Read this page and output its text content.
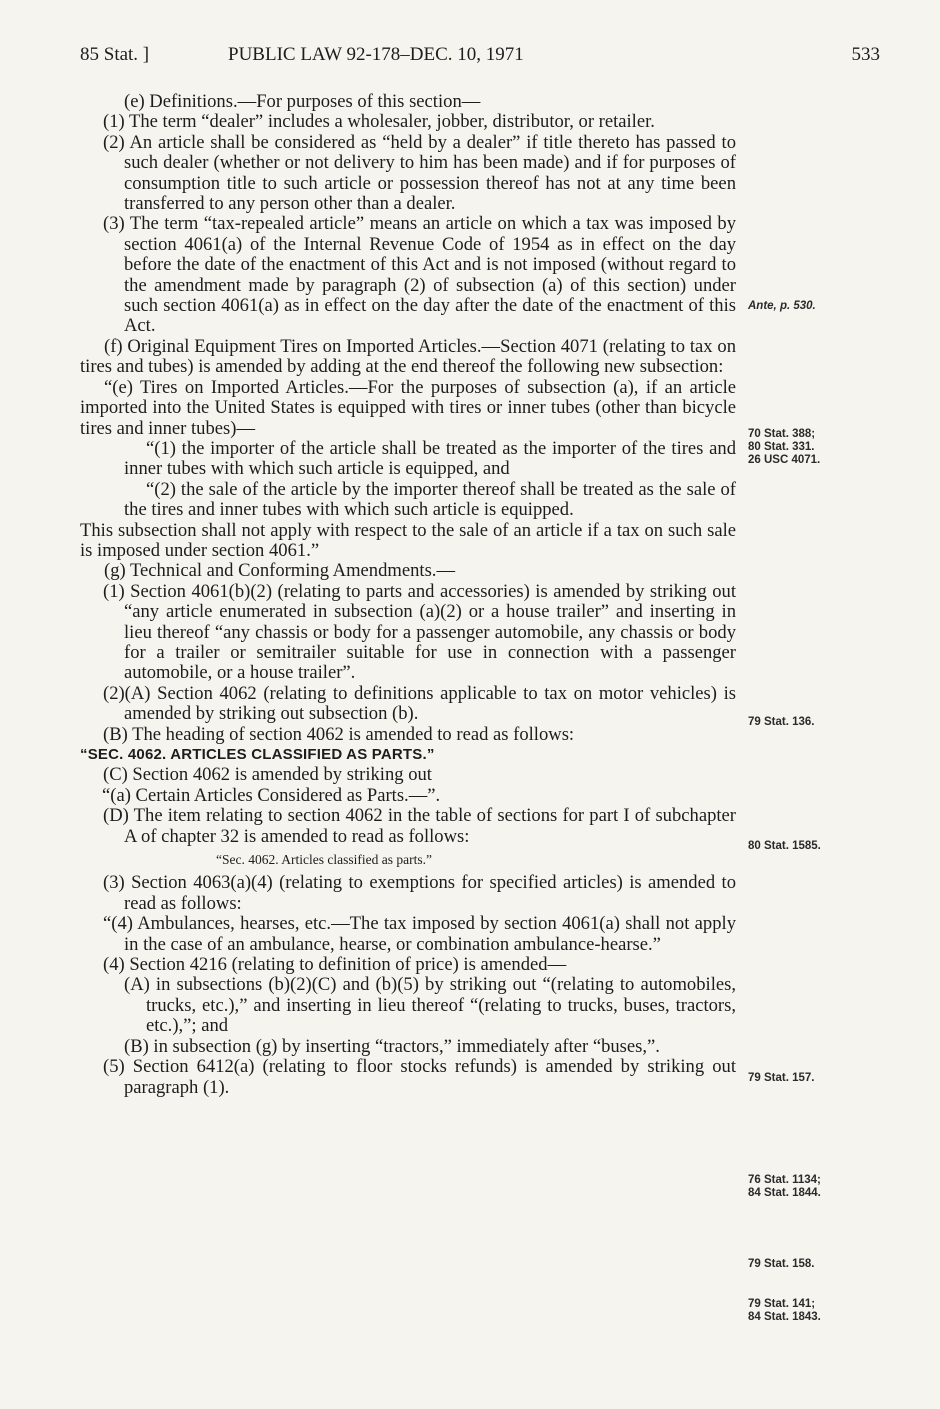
85 Stat. ]	PUBLIC LAW 92-178–DEC. 10, 1971	533

(e) Definitions.—For purposes of this section—

(1) The term “dealer” includes a wholesaler, jobber, distributor, or retailer.

(2) An article shall be considered as “held by a dealer” if title thereto has passed to such dealer (whether or not delivery to him has been made) and if for purposes of consumption title to such article or possession thereof has not at any time been transferred to any person other than a dealer.

(3) The term “tax-repealed article” means an article on which a tax was imposed by section 4061(a) of the Internal Revenue Code of 1954 as in effect on the day before the date of the enactment of this Act and is not imposed (without regard to the amendment made by paragraph (2) of subsection (a) of this section) under such section 4061(a) as in effect on the day after the date of the enactment of this Act.

(f) Original Equipment Tires on Imported Articles.—Section 4071 (relating to tax on tires and tubes) is amended by adding at the end thereof the following new subsection:

“(e) Tires on Imported Articles.—For the purposes of subsection (a), if an article imported into the United States is equipped with tires or inner tubes (other than bicycle tires and inner tubes)—

“(1) the importer of the article shall be treated as the importer of the tires and inner tubes with which such article is equipped, and

“(2) the sale of the article by the importer thereof shall be treated as the sale of the tires and inner tubes with which such article is equipped.

This subsection shall not apply with respect to the sale of an article if a tax on such sale is imposed under section 4061.”

(g) Technical and Conforming Amendments.—

(1) Section 4061(b)(2) (relating to parts and accessories) is amended by striking out “any article enumerated in subsection (a)(2) or a house trailer” and inserting in lieu thereof “any chassis or body for a passenger automobile, any chassis or body for a trailer or semitrailer suitable for use in connection with a passenger automobile, or a house trailer”.

(2)(A) Section 4062 (relating to definitions applicable to tax on motor vehicles) is amended by striking out subsection (b).

(B) The heading of section 4062 is amended to read as follows:

“SEC. 4062. ARTICLES CLASSIFIED AS PARTS.”

(C) Section 4062 is amended by striking out

“(a) Certain Articles Considered as Parts.—”.

(D) The item relating to section 4062 in the table of sections for part I of subchapter A of chapter 32 is amended to read as follows:

“Sec. 4062. Articles classified as parts.”

(3) Section 4063(a)(4) (relating to exemptions for specified articles) is amended to read as follows:

“(4) Ambulances, hearses, etc.—The tax imposed by section 4061(a) shall not apply in the case of an ambulance, hearse, or combination ambulance-hearse.”

(4) Section 4216 (relating to definition of price) is amended—

(A) in subsections (b)(2)(C) and (b)(5) by striking out “(relating to automobiles, trucks, etc.),” and inserting in lieu thereof “(relating to trucks, buses, tractors, etc.),”; and

(B) in subsection (g) by inserting “tractors,” immediately after “buses,”.

(5) Section 6412(a) (relating to floor stocks refunds) is amended by striking out paragraph (1).

Ante, p. 530.
70 Stat. 388;
80 Stat. 331.
26 USC 4071.
79 Stat. 136.
80 Stat. 1585.
79 Stat. 157.
76 Stat. 1134;
84 Stat. 1844.
79 Stat. 158.
79 Stat. 141;
84 Stat. 1843.
